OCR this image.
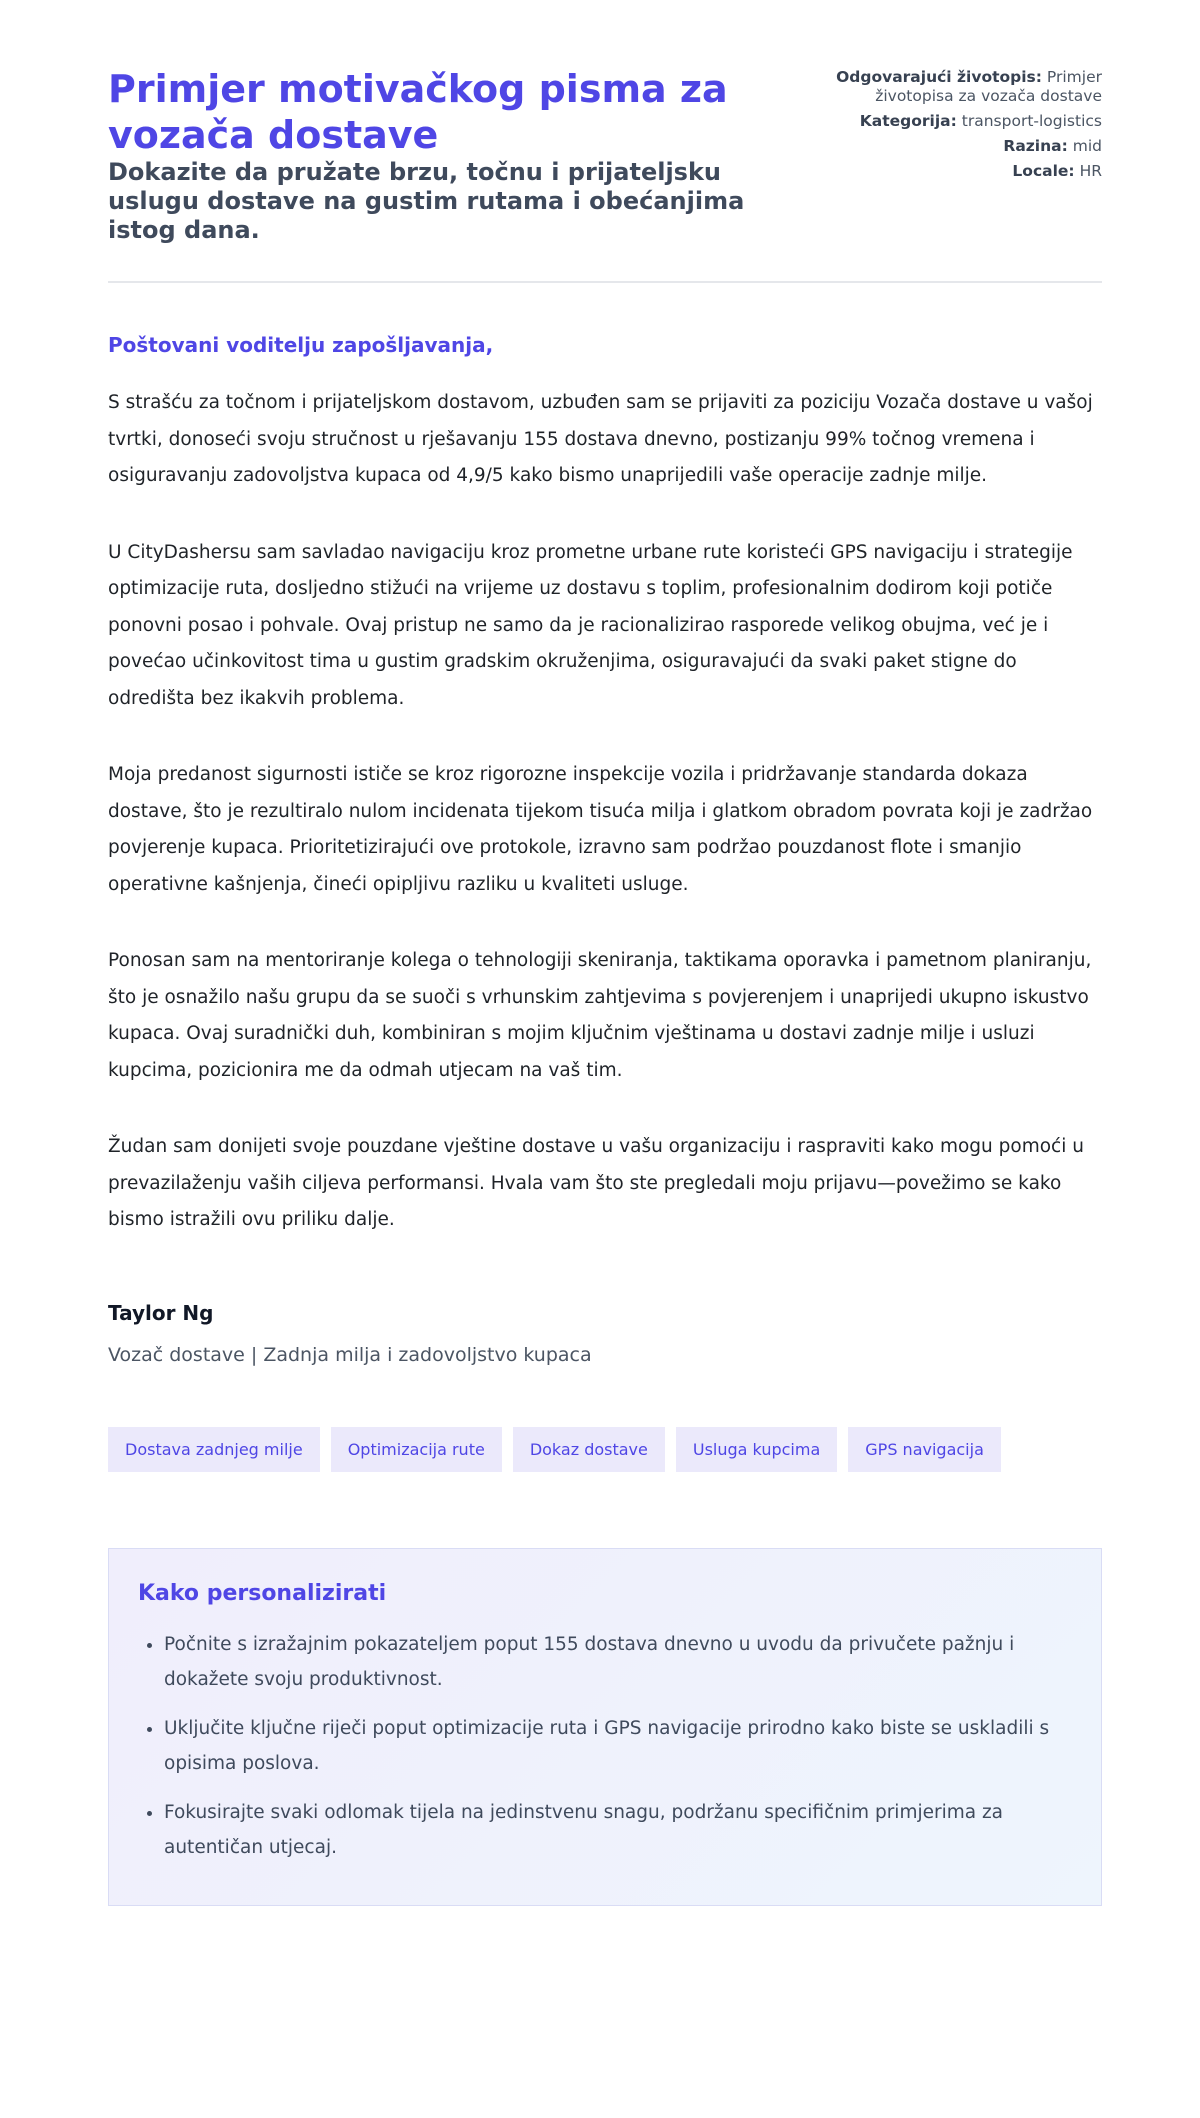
Primjer motivačkog pisma za vozača dostave
Dokazite da pružate brzu, točnu i prijateljsku uslugu dostave na gustim rutama i obećanjima istog dana.
Odgovarajući životopis: Primjer životopisa za vozača dostave
Kategorija: transport-logistics
Razina: mid
Locale: HR
Poštovani voditelju zapošljavanja,

S strašću za točnom i prijateljskom dostavom, uzbuđen sam se prijaviti za poziciju Vozača dostave u vašoj tvrtki, donoseći svoju stručnost u rješavanju 155 dostava dnevno, postizanju 99% točnog vremena i osiguravanju zadovoljstva kupaca od 4,9/5 kako bismo unaprijedili vaše operacije zadnje milje.

U CityDashersu sam savladao navigaciju kroz prometne urbane rute koristeći GPS navigaciju i strategije optimizacije ruta, dosljedno stižući na vrijeme uz dostavu s toplim, profesionalnim dodirom koji potiče ponovni posao i pohvale. Ovaj pristup ne samo da je racionalizirao rasporede velikog obujma, već je i povećao učinkovitost tima u gustim gradskim okruženjima, osiguravajući da svaki paket stigne do odredišta bez ikakvih problema.

Moja predanost sigurnosti ističe se kroz rigorozne inspekcije vozila i pridržavanje standarda dokaza dostave, što je rezultiralo nulom incidenata tijekom tisuća milja i glatkom obradom povrata koji je zadržao povjerenje kupaca. Prioritetizirajući ove protokole, izravno sam podržao pouzdanost flote i smanjio operativne kašnjenja, čineći opipljivu razliku u kvaliteti usluge.

Ponosan sam na mentoriranje kolega o tehnologiji skeniranja, taktikama oporavka i pametnom planiranju, što je osnažilo našu grupu da se suoči s vrhunskim zahtjevima s povjerenjem i unaprijedi ukupno iskustvo kupaca. Ovaj suradnički duh, kombiniran s mojim ključnim vještinama u dostavi zadnje milje i usluzi kupcima, pozicionira me da odmah utjecam na vaš tim.

Žudan sam donijeti svoje pouzdane vještine dostave u vašu organizaciju i raspraviti kako mogu pomoći u prevazilaženju vaših ciljeva performansi. Hvala vam što ste pregledali moju prijavu—povežimo se kako bismo istražili ovu priliku dalje.

Taylor Ng
Vozač dostave | Zadnja milja i zadovoljstvo kupaca
Dostava zadnjeg milje	Optimizacija rute	Dokaz dostave	Usluga kupcima	GPS navigacija
Kako personalizirati
• Počnite s izražajnim pokazateljem poput 155 dostava dnevno u uvodu da privučete pažnju i dokažete svoju produktivnost.
• Uključite ključne riječi poput optimizacije ruta i GPS navigacije prirodno kako biste se uskladili s opisima poslova.
• Fokusirajte svaki odlomak tijela na jedinstvenu snagu, podržanu specifičnim primjerima za autentičan utjecaj.
